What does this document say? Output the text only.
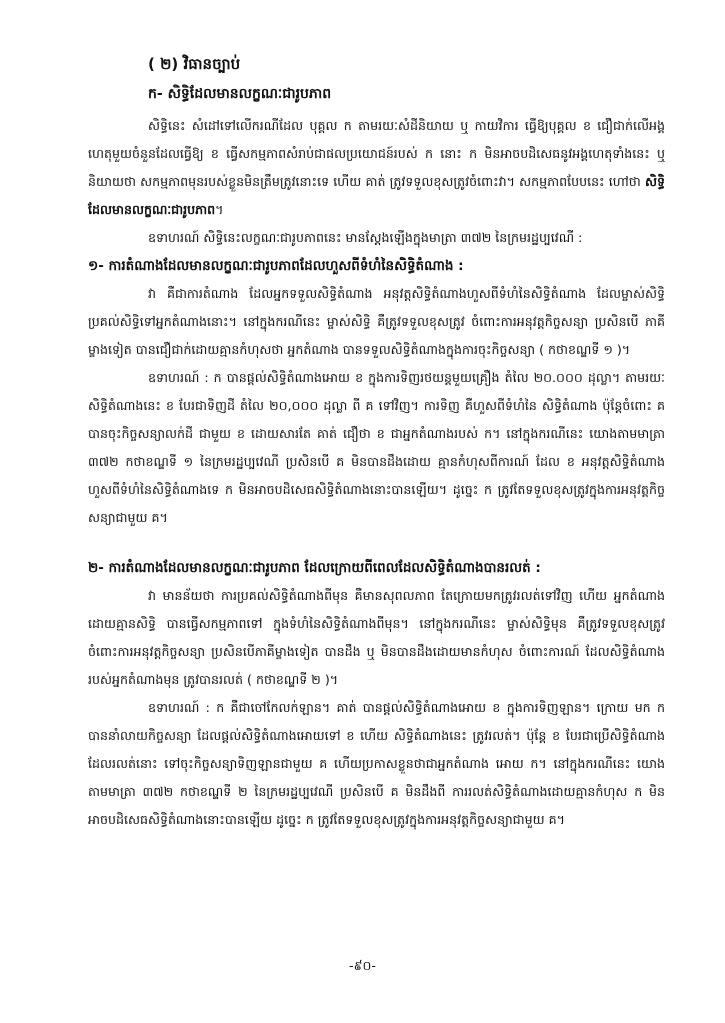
( ២) វិធានច្បាប់
ក- សិទ្ធិដែលមានលក្ខណៈជារូបភាព

សិទ្ធិនេះ សំដៅទៅលើករណីដែល បុគ្គល ក តាមរយៈសំដីនិយាយ ឬ កាយវិការ ធ្វើឱ្យបុគ្គល ខ ជឿជាក់លើអង្គហេតុមួយចំនួនដែលធ្វើឱ្យ ខ ធ្វើសកម្មភាពសំរាប់ជាផលប្រយោជន៍របស់ ក នោះ ក មិនអាចបដិសេធនូវអង្គហេតុទាំងនេះ ឬ និយាយថា សកម្មភាពមុនរបស់ខ្លួនមិនត្រឹមត្រូវនោះទេ ហើយ គាត់ ត្រូវទទួលខុសត្រូវចំពោះវា។ សកម្មភាពបែបនេះ ហៅថា សិទ្ធិដែលមានលក្ខណៈជារូបភាព។

ឧទាហរណ៍ សិទ្ធិនេះលក្ខណៈជារូបភាពនេះ មានស្តែងឡើងក្នុងមាត្រា ៣៧២ នៃក្រមរដ្ឋប្បវេណី :

១- ការតំណាងដែលមានលក្ខណៈជារូបភាពដែលហួសពីទំហំនៃសិទ្ធិតំណាង :

វា គឺជាការតំណាង ដែលអ្នកទទួលសិទ្ធិតំណាង អនុវត្តសិទ្ធិតំណាងហួសពីទំហំនៃសិទ្ធិតំណាង ដែលម្ចាស់សិទ្ធិប្រគល់សិទ្ធិទៅអ្នកតំណាងនោះ។ នៅក្នុងករណីនេះ ម្ចាស់សិទ្ធិ គឺត្រូវទទួលខុសត្រូវ ចំពោះការអនុវត្តកិច្ចសន្យា ប្រសិនបើ ភាគីម្ខាងទៀត បានជឿជាក់ដោយគ្មានកំហុសថា អ្នកតំណាង បានទទួលសិទ្ធិតំណាងក្នុងការចុះកិច្ចសន្យា ( កថាខណ្ឌទី ១ )។

ឧទាហរណ៍ : ក បានផ្តល់សិទ្ធិតំណាងអោយ ខ ក្នុងការទិញរថយន្តមួយគ្រឿង តំលៃ ២០.០០០ ដុល្លា។ តាមរយៈសិទ្ធិតំណាងនេះ ខ បែរជាទិញដី តំលៃ ២០,០០០ ដុល្លា ពី គ ទៅវិញ។ ការទិញ គឺហួសពីទំហំនៃ សិទ្ធិតំណាង ប៉ុន្តែចំពោះ គ បានចុះកិច្ចសន្យាលក់ដី ជាមួយ ខ ដោយសារតែ គាត់ ជឿថា ខ ជាអ្នកតំណាងរបស់ ក។ នៅក្នុងករណីនេះ យោងតាមមាត្រា ៣៧២ កថាខណ្ឌទី ១ នៃក្រមរដ្ឋប្បវេណី ប្រសិនបើ គ មិនបានដឹងដោយ គ្មានកំហុសពីការណ៍ ដែល ខ អនុវត្តសិទ្ធិតំណាងហួសពីទំហំនៃសិទ្ធិតំណាងទេ ក មិនអាចបដិសេធសិទ្ធិតំណាងនោះបានឡើយ។ ដូច្នេះ ក ត្រូវតែទទួលខុសត្រូវក្នុងការអនុវត្តកិច្ចសន្យាជាមួយ គ។

២- ការតំណាងដែលមានលក្ខណៈជារូបភាព ដែលក្រោយពីពេលដែលសិទ្ធិតំណាងបានរលត់ :

វា មានន័យថា ការប្រគល់សិទ្ធិតំណាងពីមុន គឺមានសុពលភាព តែក្រោយមកត្រូវរលត់ទៅវិញ ហើយ អ្នកតំណាងដោយគ្មានសិទ្ធិ បានធ្វើសកម្មភាពទៅ ក្នុងទំហំនៃសិទ្ធិតំណាងពីមុន។ នៅក្នុងករណីនេះ ម្ចាស់សិទ្ធិមុន គឺត្រូវទទួលខុសត្រូវ ចំពោះការអនុវត្តកិច្ចសន្យា ប្រសិនបើភាគីម្ខាងទៀត បានដឹង ឬ មិនបានដឹងដោយមានកំហុស ចំពោះការណ៍ ដែលសិទ្ធិតំណាងរបស់អ្នកតំណាងមុន ត្រូវបានរលត់ ( កថាខណ្ឌទី ២ )។

ឧទាហរណ៍ : ក គឺជាចៅកែលក់ឡាន។ គាត់ បានផ្តល់សិទ្ធិតំណាងអោយ ខ ក្នុងការទិញឡាន។ ក្រោយ មក ក បាននាំលាយកិច្ចសន្យា ដែលផ្តល់សិទ្ធិតំណាងអោយទៅ ខ ហើយ សិទ្ធិតំណាងនេះ ត្រូវរលត់។ ប៉ុន្តែ ខ បែរជាប្រើសិទ្ធិតំណាងដែលរលត់នោះ ទៅចុះកិច្ចសន្យាទិញឡានជាមួយ គ ហើយប្រកាសខ្លួនថាជាអ្នកតំណាង អោយ ក។ នៅក្នុងករណីនេះ យោងតាមមាត្រា ៣៧២ កថាខណ្ឌទី ២ នៃក្រមរដ្ឋប្បវេណី ប្រសិនបើ គ មិនដឹងពី ការរលត់សិទ្ធិតំណាងដោយគ្មានកំហុស ក មិនអាចបដិសេធសិទ្ធិតំណាងនោះបានឡើយ ដូច្នេះ ក ត្រូវតែទទួលខុសត្រូវក្នុងការអនុវត្តកិច្ចសន្យាជាមួយ គ។

-៩០-
